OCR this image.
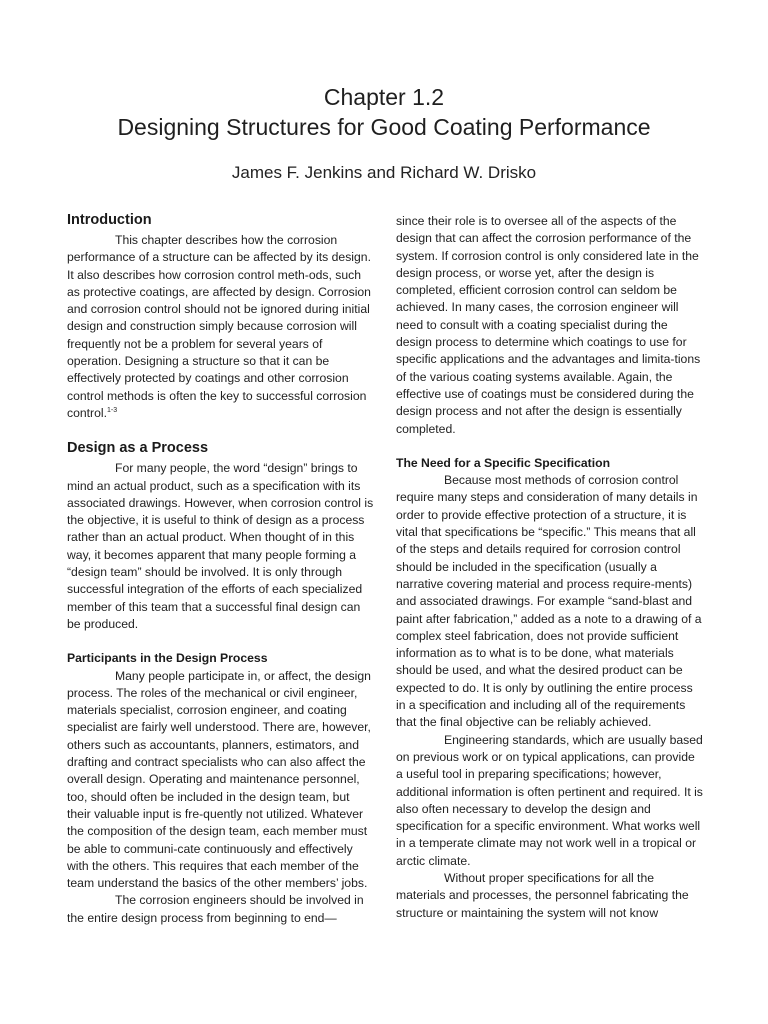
Chapter 1.2
Designing Structures for Good Coating Performance
James F. Jenkins and Richard W. Drisko
Introduction

This chapter describes how the corrosion performance of a structure can be affected by its design. It also describes how corrosion control meth-ods, such as protective coatings, are affected by design. Corrosion and corrosion control should not be ignored during initial design and construction simply because corrosion will frequently not be a problem for several years of operation. Designing a structure so that it can be effectively protected by coatings and other corrosion control methods is often the key to successful corrosion control.$^{1-3}$

Design as a Process

For many people, the word “design” brings to mind an actual product, such as a specification with its associated drawings. However, when corrosion control is the objective, it is useful to think of design as a process rather than an actual product. When thought of in this way, it becomes apparent that many people forming a “design team” should be involved. It is only through successful integration of the efforts of each specialized member of this team that a successful final design can be produced.

Participants in the Design Process

Many people participate in, or affect, the design process. The roles of the mechanical or civil engineer, materials specialist, corrosion engineer, and coating specialist are fairly well understood. There are, however, others such as accountants, planners, estimators, and drafting and contract specialists who can also affect the overall design. Operating and maintenance personnel, too, should often be included in the design team, but their valuable input is fre-quently not utilized. Whatever the composition of the design team, each member must be able to communi-cate continuously and effectively with the others. This requires that each member of the team understand the basics of the other members’ jobs.

The corrosion engineers should be involved in the entire design process from beginning to end—

since their role is to oversee all of the aspects of the design that can affect the corrosion performance of the system. If corrosion control is only considered late in the design process, or worse yet, after the design is completed, efficient corrosion control can seldom be achieved. In many cases, the corrosion engineer will need to consult with a coating specialist during the design process to determine which coatings to use for specific applications and the advantages and limita-tions of the various coating systems available. Again, the effective use of coatings must be considered during the design process and not after the design is essentially completed.

The Need for a Specific Specification

Because most methods of corrosion control require many steps and consideration of many details in order to provide effective protection of a structure, it is vital that specifications be “specific.” This means that all of the steps and details required for corrosion control should be included in the specification (usually a narrative covering material and process require-ments) and associated drawings. For example “sand-blast and paint after fabrication,” added as a note to a drawing of a complex steel fabrication, does not provide sufficient information as to what is to be done, what materials should be used, and what the desired product can be expected to do. It is only by outlining the entire process in a specification and including all of the requirements that the final objective can be reliably achieved.

Engineering standards, which are usually based on previous work or on typical applications, can provide a useful tool in preparing specifications; however, additional information is often pertinent and required. It is also often necessary to develop the design and specification for a specific environment. What works well in a temperate climate may not work well in a tropical or arctic climate.

Without proper specifications for all the materials and processes, the personnel fabricating the structure or maintaining the system will not know
